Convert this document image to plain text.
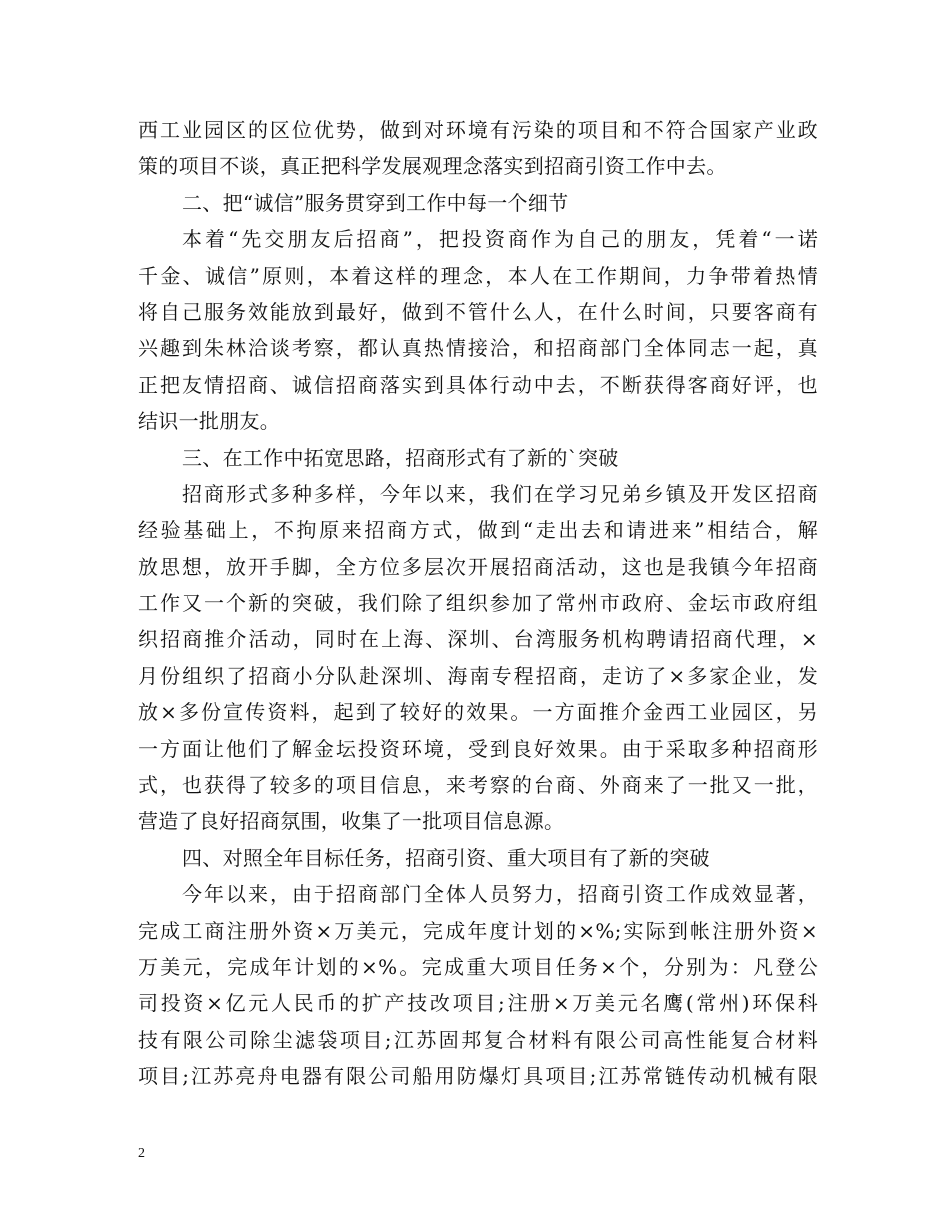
西工业园区的区位优势，做到对环境有污染的项目和不符合国家产业政
策的项目不谈，真正把科学发展观理念落实到招商引资工作中去。
二、把“诚信”服务贯穿到工作中每一个细节
本着“先交朋友后招商”，把投资商作为自己的朋友，凭着“一诺
千金、诚信”原则，本着这样的理念，本人在工作期间，力争带着热情
将自己服务效能放到最好，做到不管什么人，在什么时间，只要客商有
兴趣到朱林洽谈考察，都认真热情接洽，和招商部门全体同志一起，真
正把友情招商、诚信招商落实到具体行动中去，不断获得客商好评，也
结识一批朋友。
三、在工作中拓宽思路，招商形式有了新的`突破
招商形式多种多样，今年以来，我们在学习兄弟乡镇及开发区招商
经验基础上，不拘原来招商方式，做到“走出去和请进来”相结合，解
放思想，放开手脚，全方位多层次开展招商活动，这也是我镇今年招商
工作又一个新的突破，我们除了组织参加了常州市政府、金坛市政府组
织招商推介活动，同时在上海、深圳、台湾服务机构聘请招商代理，×
月份组织了招商小分队赴深圳、海南专程招商，走访了×多家企业，发
放×多份宣传资料，起到了较好的效果。一方面推介金西工业园区，另
一方面让他们了解金坛投资环境，受到良好效果。由于采取多种招商形
式，也获得了较多的项目信息，来考察的台商、外商来了一批又一批，
营造了良好招商氛围，收集了一批项目信息源。
四、对照全年目标任务，招商引资、重大项目有了新的突破
今年以来，由于招商部门全体人员努力，招商引资工作成效显著，
完成工商注册外资×万美元，完成年度计划的×%;实际到帐注册外资×
万美元，完成年计划的×%。完成重大项目任务×个，分别为：凡登公
司投资×亿元人民币的扩产技改项目;注册×万美元名鹰(常州)环保科
技有限公司除尘滤袋项目;江苏固邦复合材料有限公司高性能复合材料
项目;江苏亮舟电器有限公司船用防爆灯具项目;江苏常链传动机械有限
2
